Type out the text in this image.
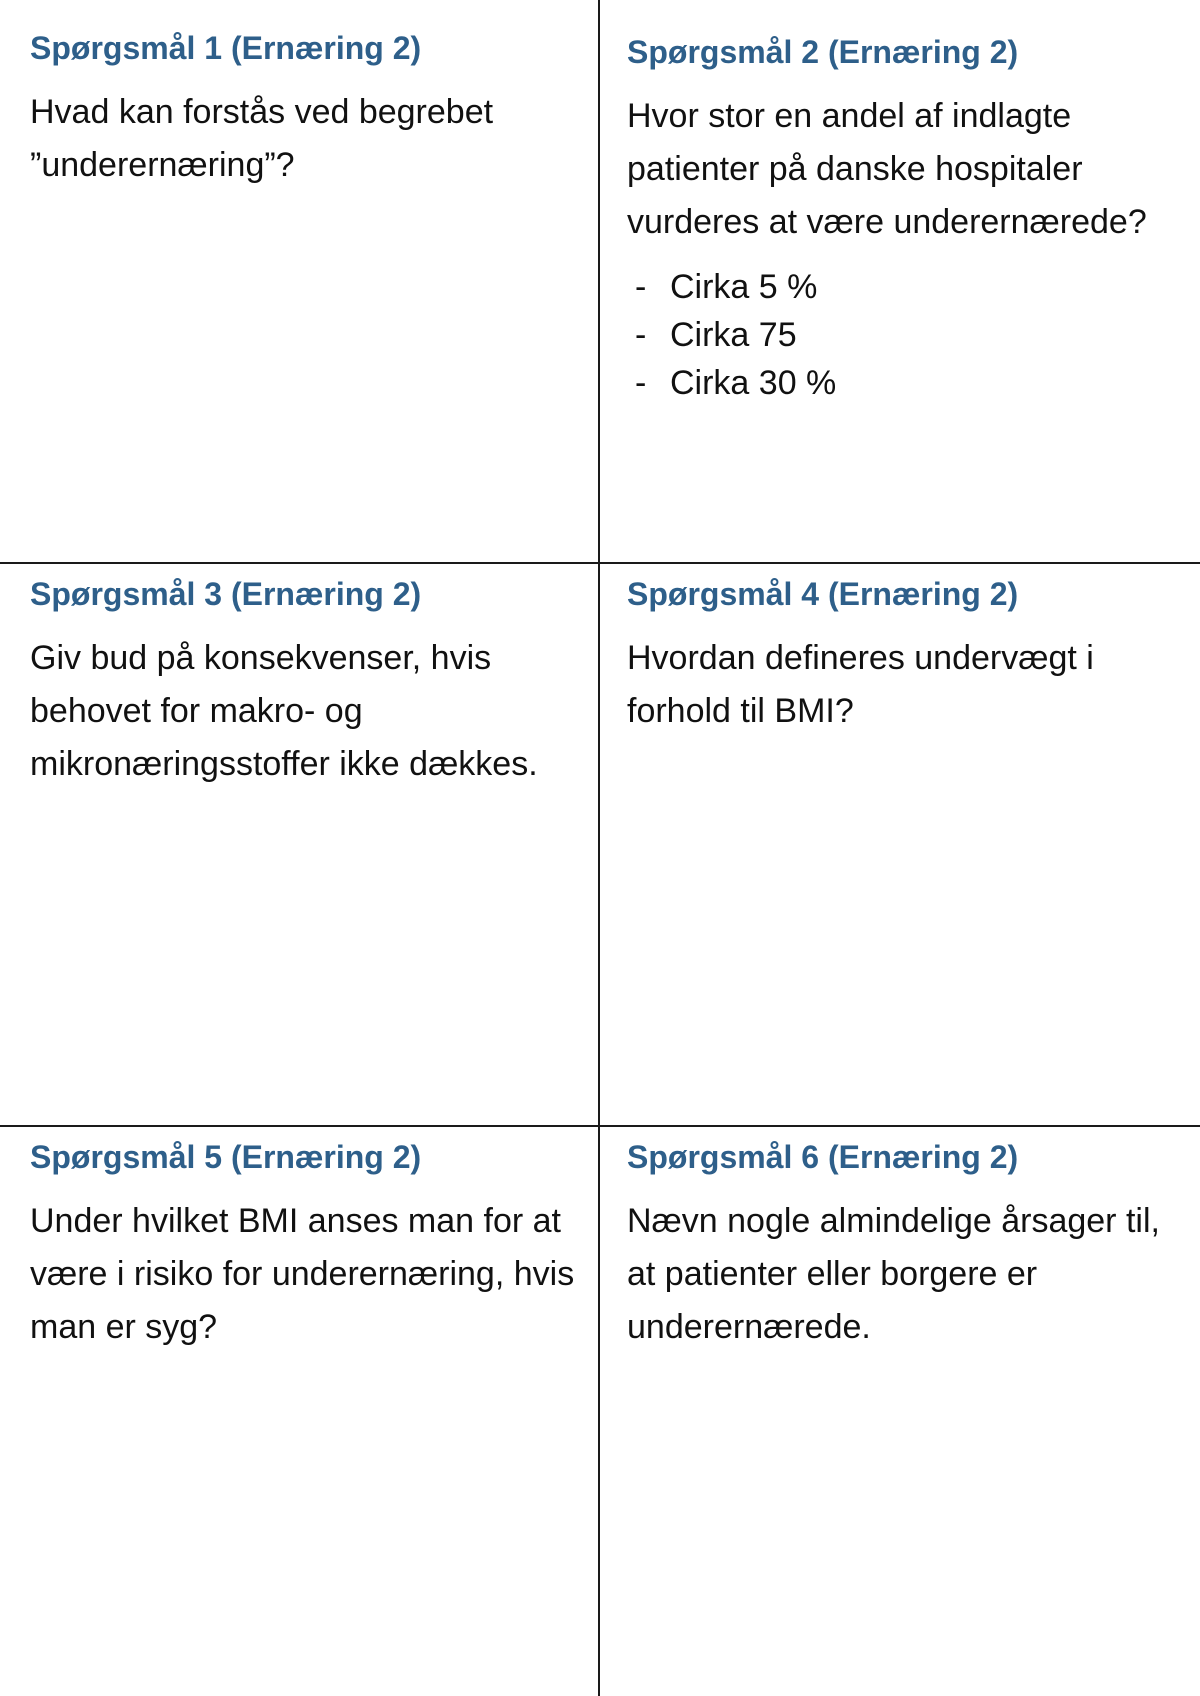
Spørgsmål 1 (Ernæring 2)
Hvad kan forstås ved begrebet ”underernæring”?
Spørgsmål 2 (Ernæring 2)
Hvor stor en andel af indlagte patienter på danske hospitaler vurderes at være underernærede?
- Cirka 5 %
- Cirka 75
- Cirka 30 %
Spørgsmål 3 (Ernæring 2)
Giv bud på konsekvenser, hvis behovet for makro- og mikronæringsstoffer ikke dækkes.
Spørgsmål 4 (Ernæring 2)
Hvordan defineres undervægt i forhold til BMI?
Spørgsmål 5 (Ernæring 2)
Under hvilket BMI anses man for at være i risiko for underernæring, hvis man er syg?
Spørgsmål 6 (Ernæring 2)
Nævn nogle almindelige årsager til, at patienter eller borgere er underernærede.
